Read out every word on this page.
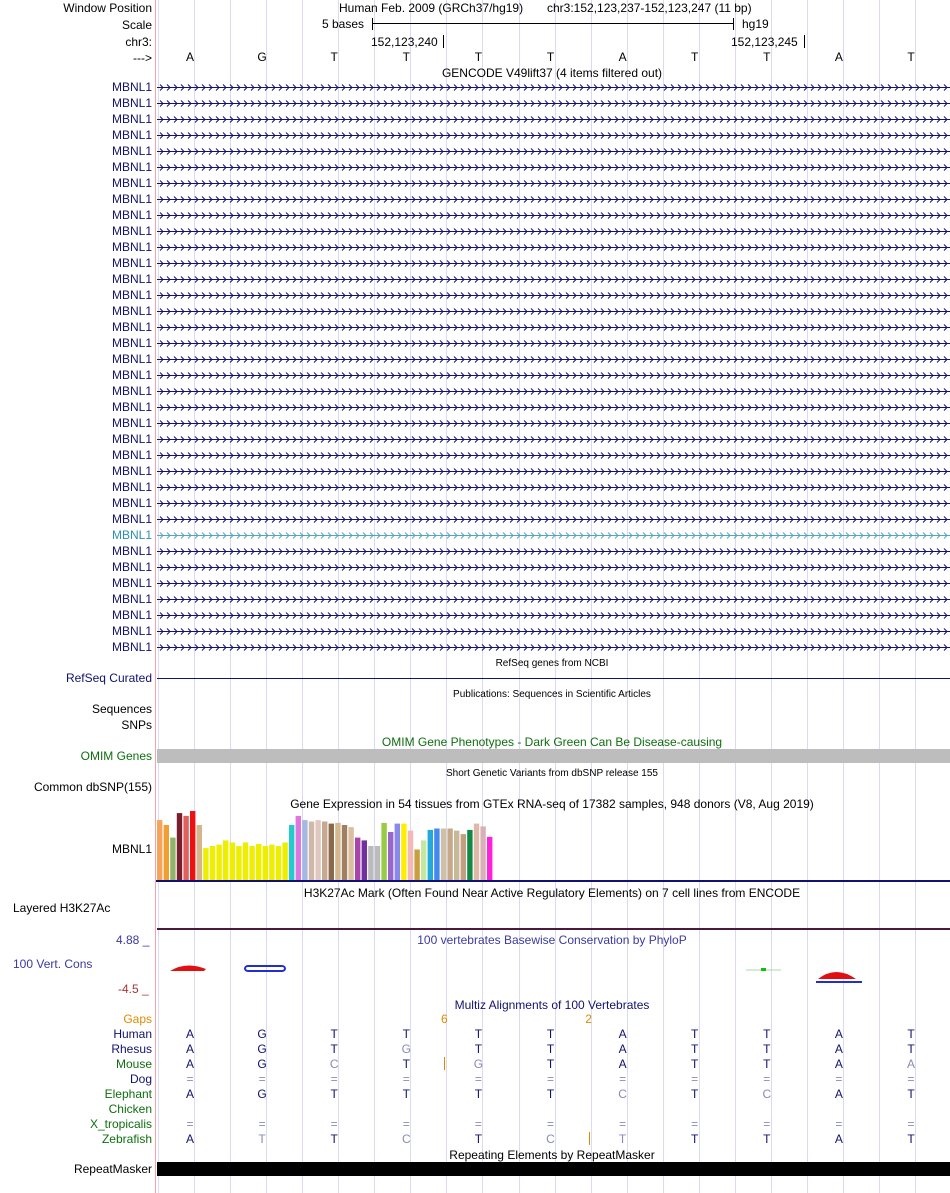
Window Position
Scale
chr3:
--->
Human Feb. 2009 (GRCh37/hg19) chr3:152,123,237-152,123,247 (11 bp)
5 bases	hg19
152,123,240	152,123,245
A	G	T	T	T	T	A	T	T	A	T
GENCODE V49lift37 (4 items filtered out)
MBNL1
MBNL1
MBNL1
MBNL1
MBNL1
MBNL1
MBNL1
MBNL1
MBNL1
MBNL1
MBNL1
MBNL1
MBNL1
MBNL1
MBNL1
MBNL1
MBNL1
MBNL1
MBNL1
MBNL1
MBNL1
MBNL1
MBNL1
MBNL1
MBNL1
MBNL1
MBNL1
MBNL1
MBNL1
MBNL1
MBNL1
MBNL1
MBNL1
MBNL1
MBNL1
MBNL1
RefSeq genes from NCBI
RefSeq Curated
Publications: Sequences in Scientific Articles
Sequences
SNPs
OMIM Gene Phenotypes - Dark Green Can Be Disease-causing
OMIM Genes
Short Genetic Variants from dbSNP release 155
Common dbSNP(155)
Gene Expression in 54 tissues from GTEx RNA-seq of 17382 samples, 948 donors (V8, Aug 2019)
MBNL1
H3K27Ac Mark (Often Found Near Active Regulatory Elements) on 7 cell lines from ENCODE
Layered H3K27Ac
100 vertebrates Basewise Conservation by PhyloP
4.88 _
100 Vert. Cons
-4.5 _
Multiz Alignments of 100 Vertebrates
Gaps	6	2
Human	A	G	T	T	T	T	A	T	T	A	T
Rhesus	A	G	T	G	T	T	A	T	T	A	T
Mouse	A	G	C	T	G	T	A	T	T	A	A
Dog	=	=	=	=	=	=	=	=	=	=	=
Elephant	A	G	T	T	T	T	C	T	C	A	T
Chicken
X_tropicalis	=	=	=	=	=	=	=	=	=	=	=
Zebrafish	A	T	T	C	T	C	T	T	T	A	T
Repeating Elements by RepeatMasker
RepeatMasker
